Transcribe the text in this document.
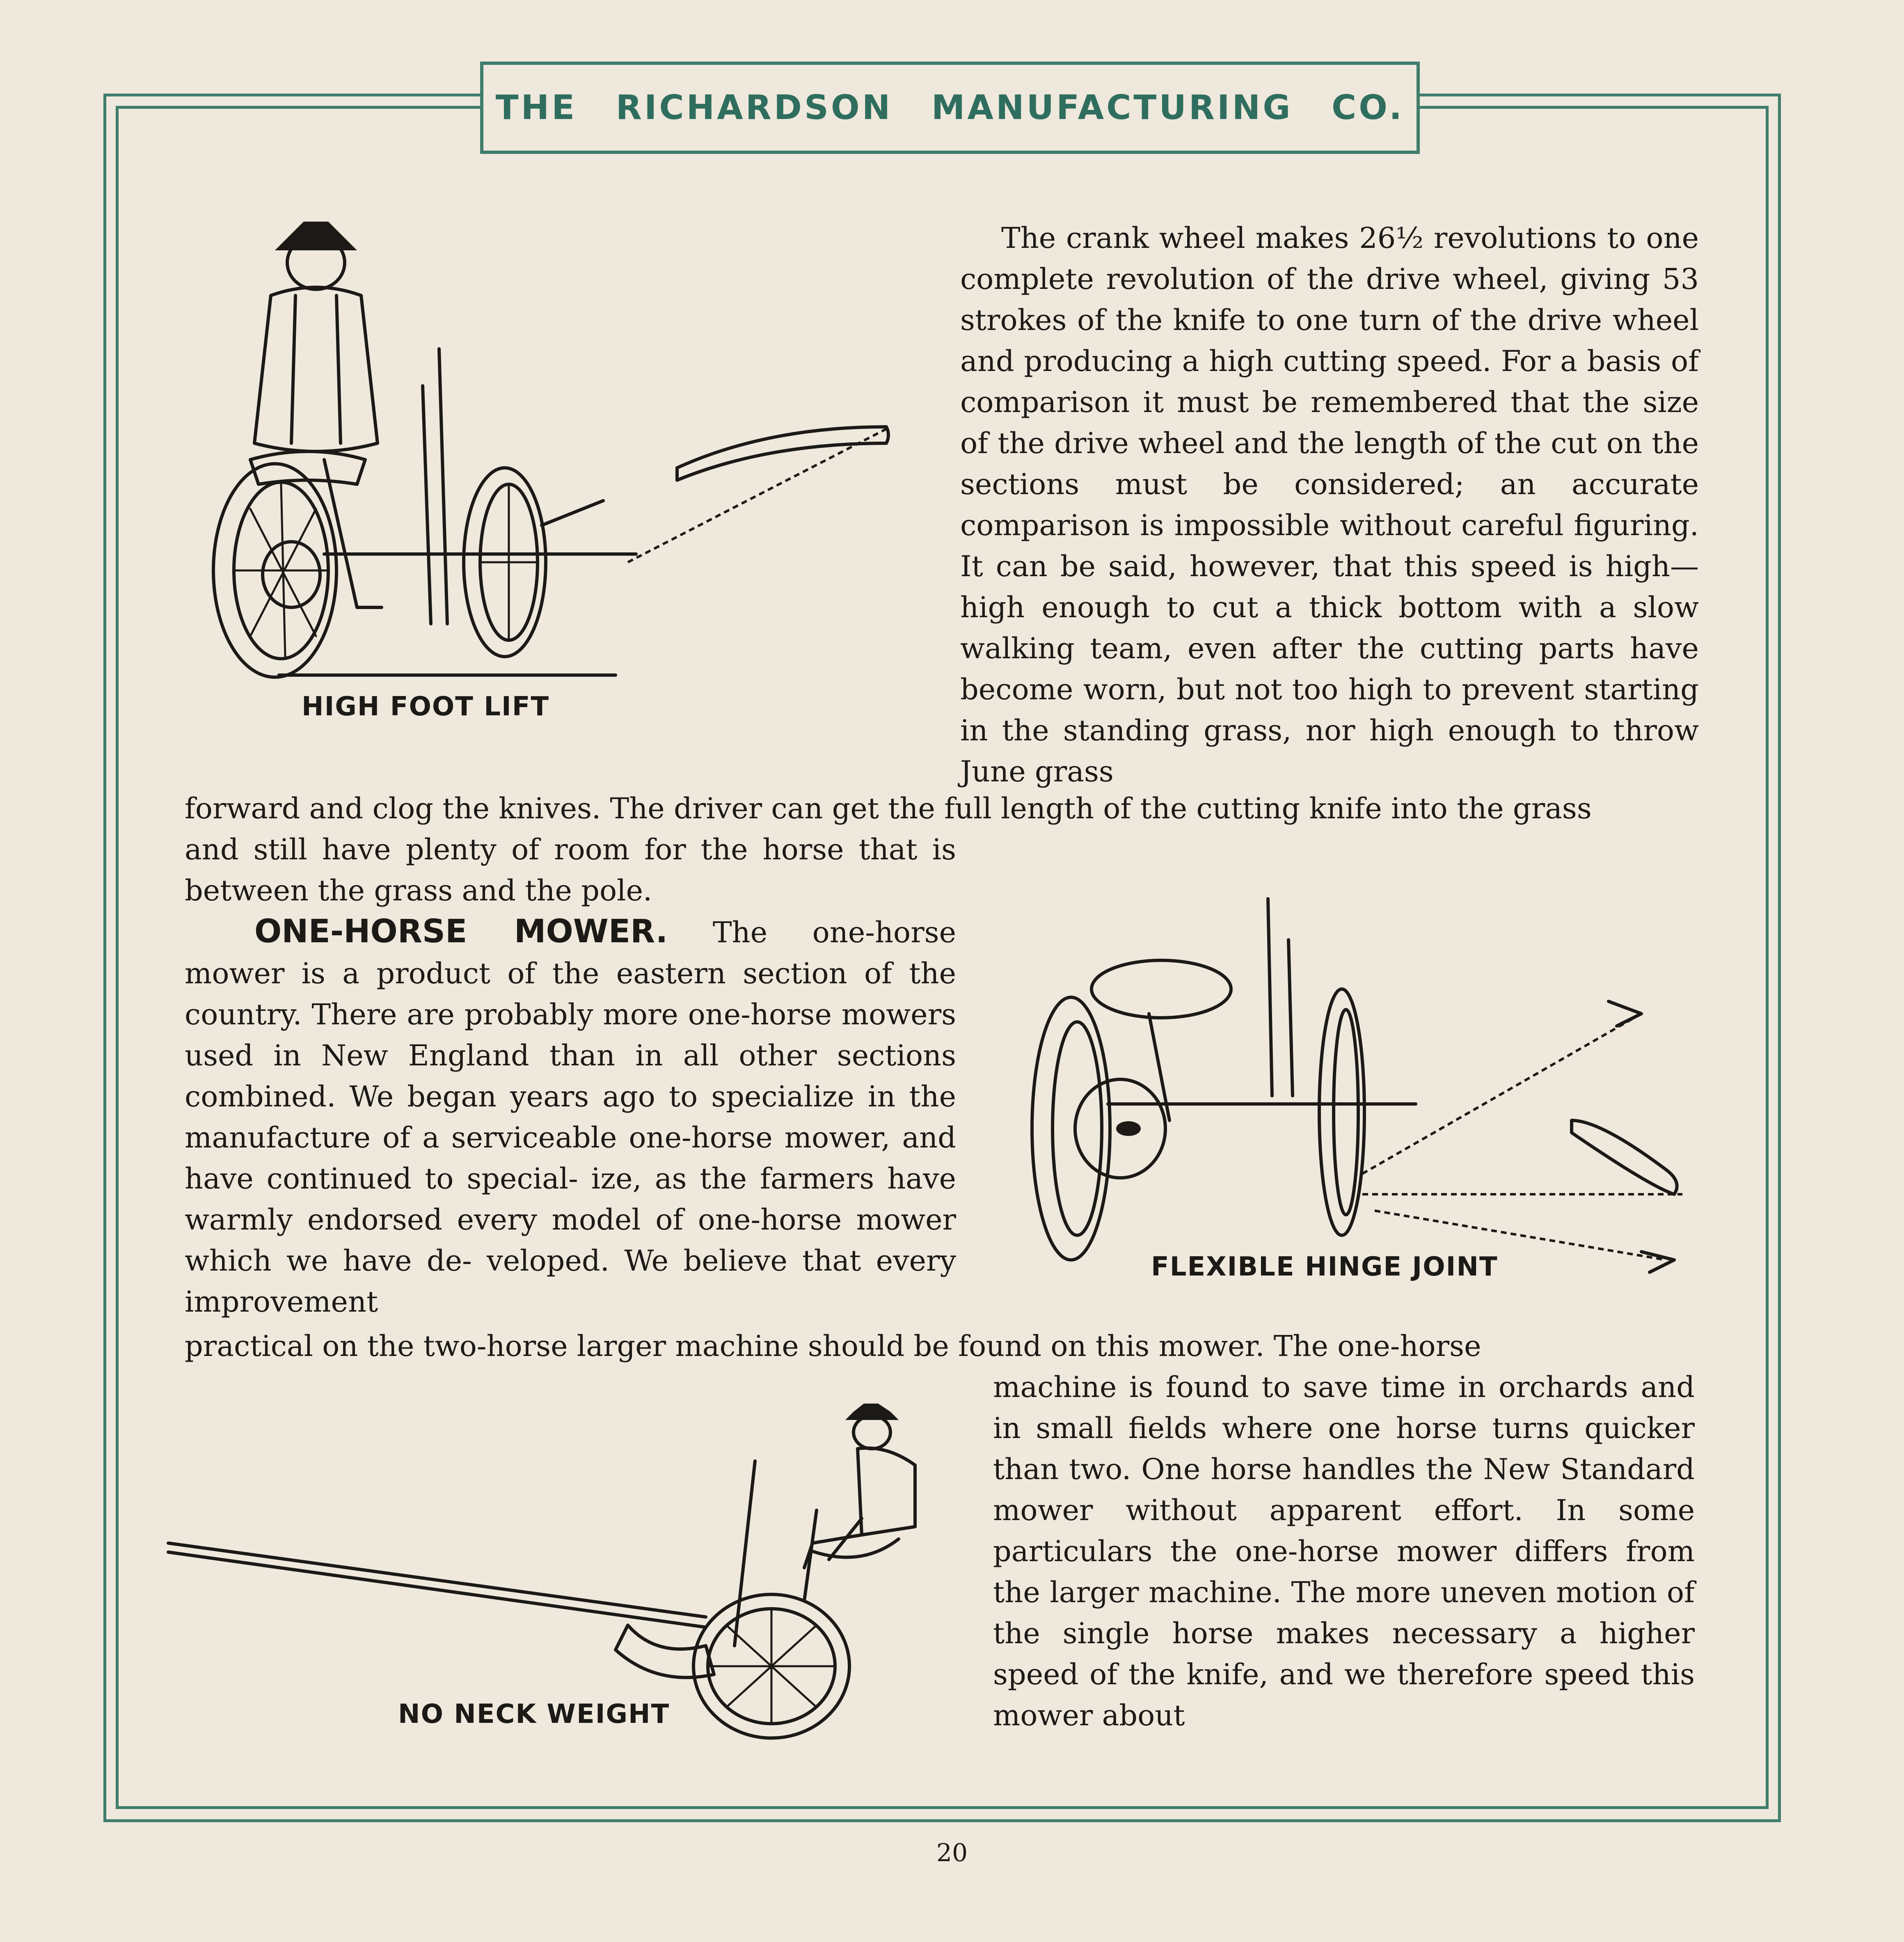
THE RICHARDSON MANUFACTURING CO.

The crank wheel makes 26½ revolutions to one complete revolution of the drive wheel, giving 53 strokes of the knife to one turn of the drive wheel and producing a high cutting speed. For a basis of comparison it must be remembered that the size of the drive wheel and the length of the cut on the sections must be considered; an accurate comparison is impossible without careful figuring. It can be said, however, that this speed is high—high enough to cut a thick bottom with a slow walking team, even after the cutting parts have become worn, but not too high to prevent starting in the standing grass, nor high enough to throw June grass

forward and clog the knives. The driver can get the full length of the cutting knife into the grass

and still have plenty of room for the horse that is between the grass and the pole.

ONE-HORSE MOWER. The one-horse mower is a product of the eastern section of the country. There are probably more one-horse mowers used in New England than in all other sections combined. We began years ago to specialize in the manufacture of a serviceable one-horse mower, and have continued to special- ize, as the farmers have warmly endorsed every model of one-horse mower which we have de- veloped. We believe that every improvement

practical on the two-horse larger machine should be found on this mower. The one-horse

machine is found to save time in orchards and in small fields where one horse turns quicker than two. One horse handles the New Standard mower without apparent effort. In some particulars the one-horse mower differs from the larger machine. The more uneven motion of the single horse makes necessary a higher speed of the knife, and we therefore speed this mower about

HIGH FOOT LIFT
FLEXIBLE HINGE JOINT
NO NECK WEIGHT
20
